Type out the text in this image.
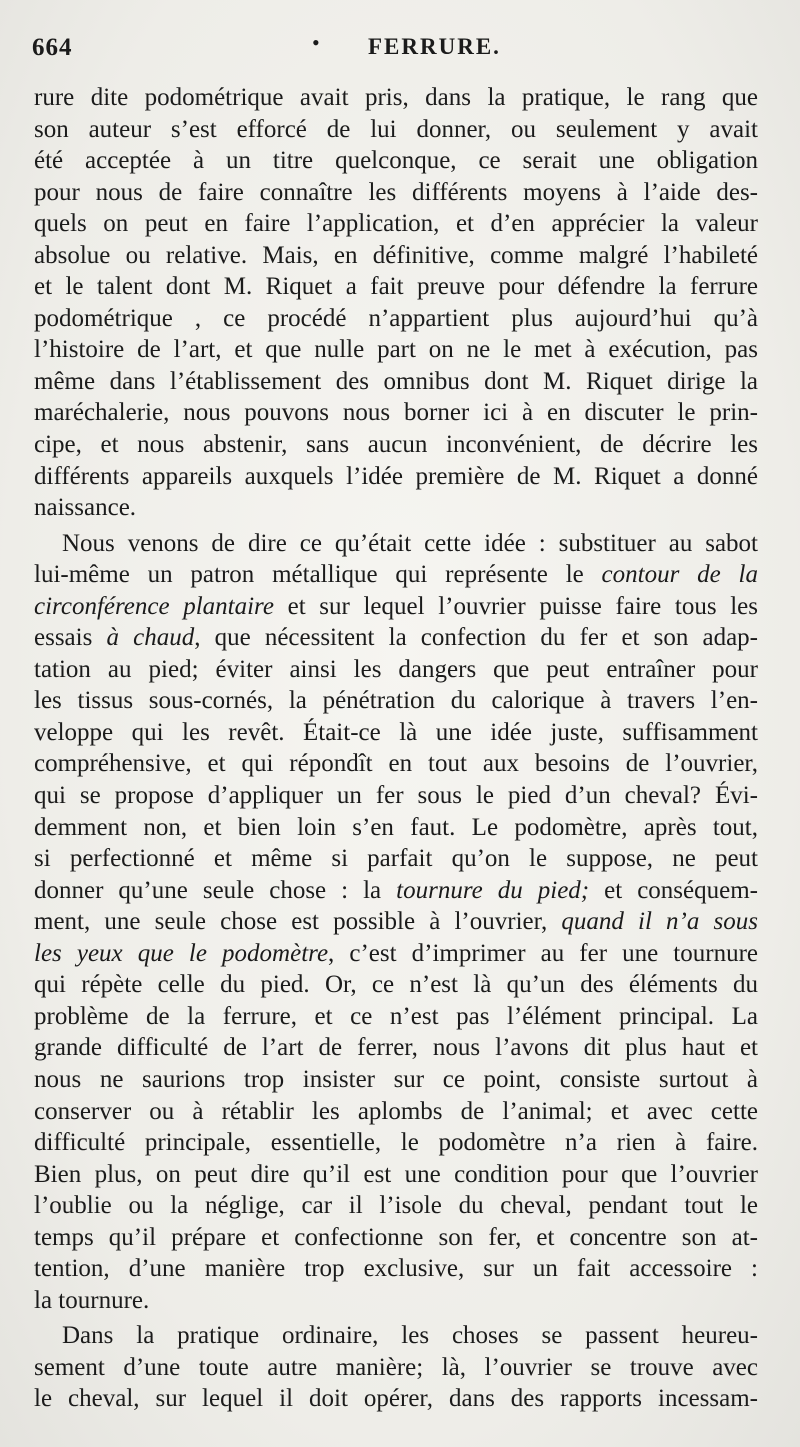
664	• FERRURE.
rure dite podométrique avait pris, dans la pratique, le rang que
son auteur s’est efforcé de lui donner, ou seulement y avait
été acceptée à un titre quelconque, ce serait une obligation
pour nous de faire connaître les différents moyens à l’aide des-
quels on peut en faire l’application, et d’en apprécier la valeur
absolue ou relative. Mais, en définitive, comme malgré l’habileté
et le talent dont M. Riquet a fait preuve pour défendre la ferrure
podométrique , ce procédé n’appartient plus aujourd’hui qu’à
l’histoire de l’art, et que nulle part on ne le met à exécution, pas
même dans l’établissement des omnibus dont M. Riquet dirige la
maréchalerie, nous pouvons nous borner ici à en discuter le prin-
cipe, et nous abstenir, sans aucun inconvénient, de décrire les
différents appareils auxquels l’idée première de M. Riquet a donné
naissance.
Nous venons de dire ce qu’était cette idée : substituer au sabot
lui-même un patron métallique qui représente le contour de la
circonférence plantaire et sur lequel l’ouvrier puisse faire tous les
essais à chaud, que nécessitent la confection du fer et son adap-
tation au pied; éviter ainsi les dangers que peut entraîner pour
les tissus sous-cornés, la pénétration du calorique à travers l’en-
veloppe qui les revêt. Était-ce là une idée juste, suffisamment
compréhensive, et qui répondît en tout aux besoins de l’ouvrier,
qui se propose d’appliquer un fer sous le pied d’un cheval? Évi-
demment non, et bien loin s’en faut. Le podomètre, après tout,
si perfectionné et même si parfait qu’on le suppose, ne peut
donner qu’une seule chose : la tournure du pied; et conséquem-
ment, une seule chose est possible à l’ouvrier, quand il n’a sous
les yeux que le podomètre, c’est d’imprimer au fer une tournure
qui répète celle du pied. Or, ce n’est là qu’un des éléments du
problème de la ferrure, et ce n’est pas l’élément principal. La
grande difficulté de l’art de ferrer, nous l’avons dit plus haut et
nous ne saurions trop insister sur ce point, consiste surtout à
conserver ou à rétablir les aplombs de l’animal; et avec cette
difficulté principale, essentielle, le podomètre n’a rien à faire.
Bien plus, on peut dire qu’il est une condition pour que l’ouvrier
l’oublie ou la néglige, car il l’isole du cheval, pendant tout le
temps qu’il prépare et confectionne son fer, et concentre son at-
tention, d’une manière trop exclusive, sur un fait accessoire :
la tournure.
Dans la pratique ordinaire, les choses se passent heureu-
sement d’une toute autre manière; là, l’ouvrier se trouve avec
le cheval, sur lequel il doit opérer, dans des rapports incessam-
